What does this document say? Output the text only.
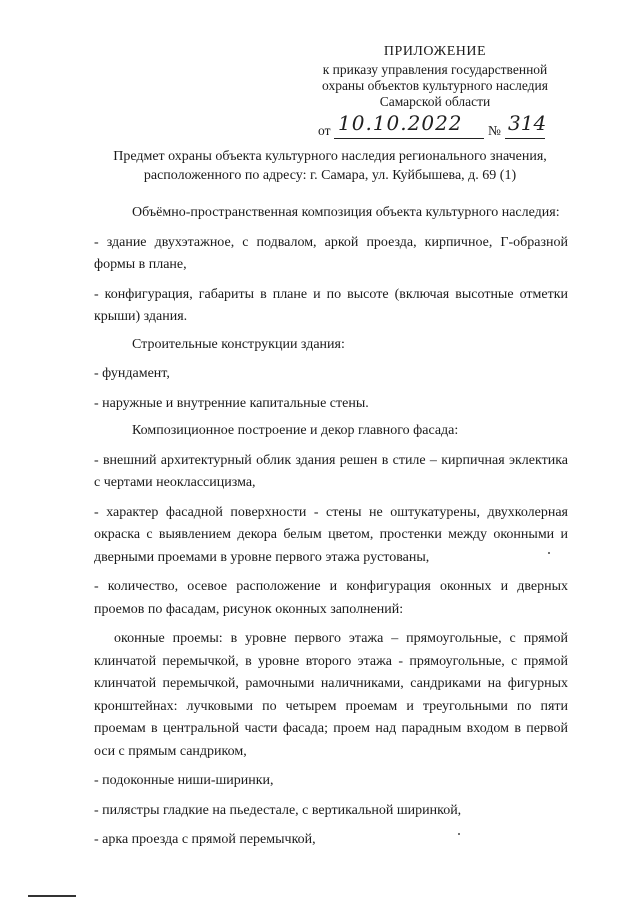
ПРИЛОЖЕНИЕ
к приказу управления государственной
охраны объектов культурного наследия
Самарской области
от 10.10.2022 № 314
Предмет охраны объекта культурного наследия регионального значения,
расположенного по адресу: г. Самара, ул. Куйбышева, д. 69 (1)

Объёмно-пространственная композиция объекта культурного наследия:

- здание двухэтажное, с подвалом, аркой проезда, кирпичное, Г-образной формы в плане,

- конфигурация, габариты в плане и по высоте (включая высотные отметки крыши) здания.

Строительные конструкции здания:

- фундамент,

- наружные и внутренние капитальные стены.

Композиционное построение и декор главного фасада:

- внешний архитектурный облик здания решен в стиле – кирпичная эклектика с чертами неоклассицизма,

- характер фасадной поверхности - стены не оштукатурены, двухколерная окраска с выявлением декора белым цветом, простенки между оконными и дверными проемами в уровне первого этажа рустованы,

- количество, осевое расположение и конфигурация оконных и дверных проемов по фасадам, рисунок оконных заполнений:

оконные проемы: в уровне первого этажа – прямоугольные, с прямой клинчатой перемычкой, в уровне второго этажа - прямоугольные, с прямой клинчатой перемычкой, рамочными наличниками, сандриками на фигурных кронштейнах: лучковыми по четырем проемам и треугольными по пяти проемам в центральной части фасада; проем над парадным входом в первой оси с прямым сандриком,

- подоконные ниши-ширинки,

- пилястры гладкие на пьедестале, с вертикальной ширинкой,

- арка проезда с прямой перемычкой,
